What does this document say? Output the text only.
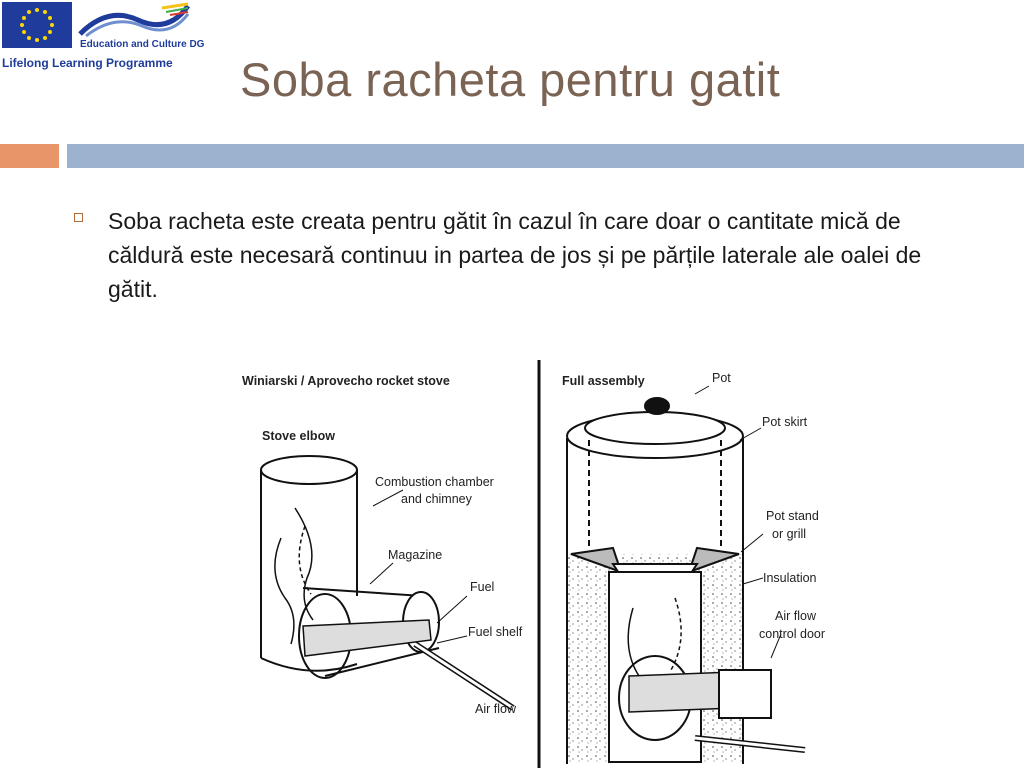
Education and Culture DG
Lifelong Learning Programme Soba racheta pentru gatit
Soba racheta este creata pentru gătit în cazul în care doar o cantitate mică de căldură este necesară continuu in partea de jos și pe părțile laterale ale oalei de gătit.
Winiarski / Aprovecho rocket stove
Stove elbow
Combustion chamber
and chimney
Magazine
Fuel
Fuel shelf
Air flow
Full assembly	Pot
Pot skirt
Pot stand
or grill
Insulation
Air flow
control door
